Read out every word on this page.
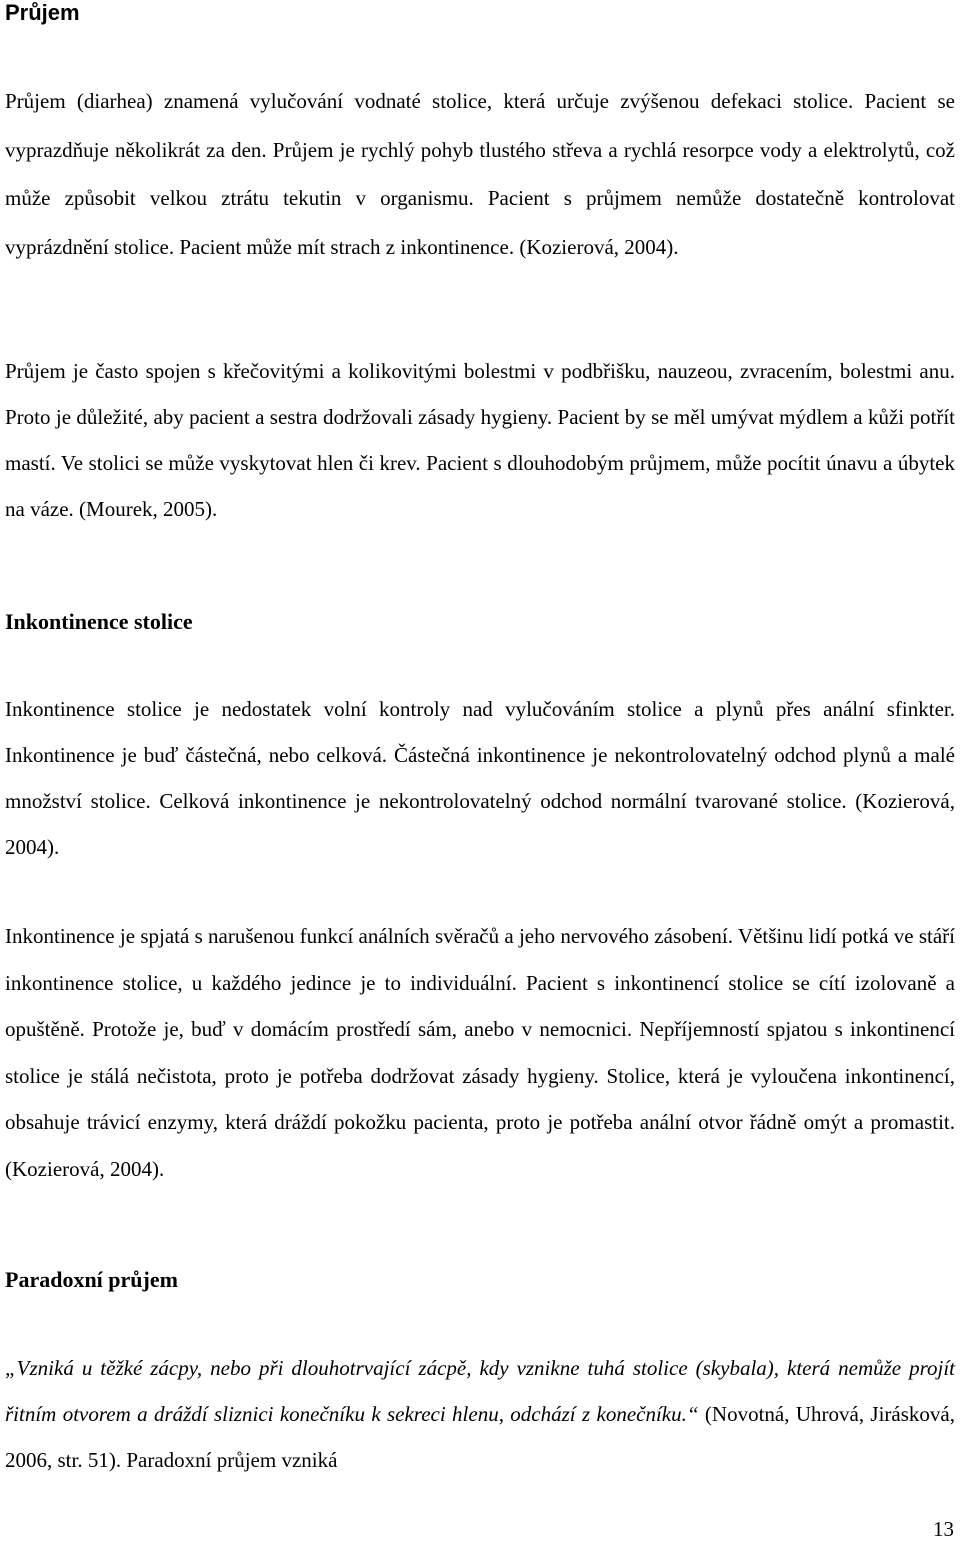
Průjem

Průjem (diarhea) znamená vylučování vodnaté stolice, která určuje zvýšenou defekaci stolice. Pacient se vyprazdňuje několikrát za den. Průjem je rychlý pohyb tlustého střeva a rychlá resorpce vody a elektrolytů, což může způsobit velkou ztrátu tekutin v organismu. Pacient s průjmem nemůže dostatečně kontrolovat vyprázdnění stolice. Pacient může mít strach z inkontinence. (Kozierová, 2004).

Průjem je často spojen s křečovitými a kolikovitými bolestmi v podbřišku, nauzeou, zvracením, bolestmi anu. Proto je důležité, aby pacient a sestra dodržovali zásady hygieny. Pacient by se měl umývat mýdlem a kůži potřít mastí. Ve stolici se může vyskytovat hlen či krev. Pacient s dlouhodobým průjmem, může pocítit únavu a úbytek na váze. (Mourek, 2005).

Inkontinence stolice

Inkontinence stolice je nedostatek volní kontroly nad vylučováním stolice a plynů přes anální sfinkter. Inkontinence je buď částečná, nebo celková. Částečná inkontinence je nekontrolovatelný odchod plynů a malé množství stolice. Celková inkontinence je nekontrolovatelný odchod normální tvarované stolice. (Kozierová, 2004).

Inkontinence je spjatá s narušenou funkcí análních svěračů a jeho nervového zásobení. Většinu lidí potká ve stáří inkontinence stolice, u každého jedince je to individuální. Pacient s inkontinencí stolice se cítí izolovaně a opuštěně. Protože je, buď v domácím prostředí sám, anebo v nemocnici. Nepříjemností spjatou s inkontinencí stolice je stálá nečistota, proto je potřeba dodržovat zásady hygieny. Stolice, která je vyloučena inkontinencí, obsahuje trávicí enzymy, která dráždí pokožku pacienta, proto je potřeba anální otvor řádně omýt a promastit. (Kozierová, 2004).

Paradoxní průjem

„Vzniká u těžké zácpy, nebo při dlouhotrvající zácpě, kdy vznikne tuhá stolice (skybala), která nemůže projít řitním otvorem a dráždí sliznici konečníku k sekreci hlenu, odchází z konečníku.“ (Novotná, Uhrová, Jirásková, 2006, str. 51). Paradoxní průjem vzniká

13
